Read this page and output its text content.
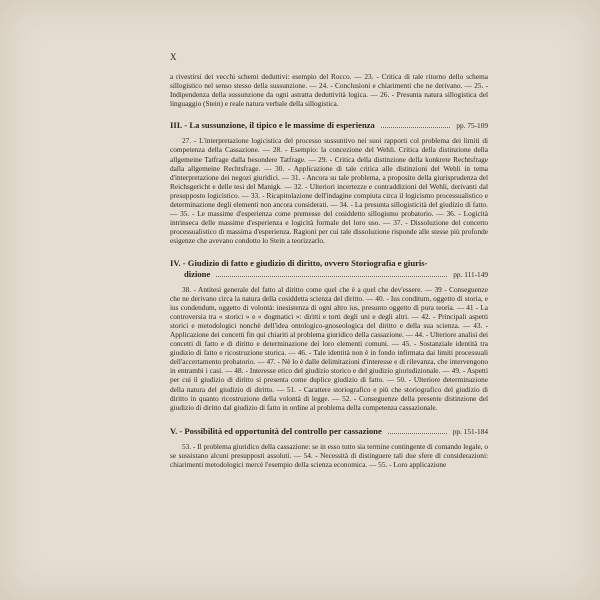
X

a rivestirsi dei vecchi schemi deduttivi: esempio del Rocco. — 23. - Critica di tale ritorno dello schema sillogistico nel senso stesso della sussunzione. — 24. - Conclusioni e chiarimenti che ne derivano. — 25. - Indipendenza della sussunzione da ogni astratta deduttività logica. — 26. - Presunta natura sillogistica del linguaggio (Stein) e reale natura verbale della sillogistica.

III. - La sussunzione, il tipico e le massime di esperienza	pp. 75-109

27. - L'interpretazione logicistica del processo sussuntivo nei suoi rapporti col problema dei limiti di competenza della Cassazione. — 28. - Esempio: la concezione del Wehli. Critica della distinzione della allgemeine Tatfrage dalla besondere Tatfrage. — 29. - Critica della distinzione della konkrete Rechtsfrage dalla allgemeine Rechtsfrage. — 30. - Applicazione di tale critica alle distinzioni del Wehli in tema d'interpretazione dei negozi giuridici. — 31. - Ancora su tale problema, a proposito della giurisprudenza del Reichsgericht e delle tesi del Manigk. — 32. - Ulteriori incertezze e contraddizioni del Wehli, derivanti dal presupposto logicistico. — 33. - Ricapitolazione dell'indagine compiuta circa il logicismo processualistico e determinazione degli elementi non ancora considerati. — 34. - La presunta sillogisticità del giudizio di fatto. — 35. - Le massime d'esperienza come premesse del cosiddetto sillogismo probatorio. — 36. - Logicità intrinseca delle massime d'esperienza e logicità formale del loro uso. — 37. - Dissoluzione del concetto processualistico di massima d'esperienza. Ragioni per cui tale dissoluzione risponde alle stesse più profonde esigenze che avevano condotto lo Stein a teorizzarlo.

IV. - Giudizio di fatto e giudizio di diritto, ovvero Storiografia e giuris-
dizione	pp. 111-149

38. - Antitesi generale del fatto al diritto come quel che è a quel che dev'essere. — 39 - Conseguenze che ne derivano circa la natura della cosiddetta scienza del diritto. — 40. - Ius conditum, oggetto di storia, e ius condendum, oggetto di volontà: inesistenza di ogni altro ius, presunto oggetto di pura teoria. — 41 - La controversia tra « storici » e « dogmatici »: diritti e torti degli uni e degli altri. — 42. - Principali aspetti storici e metodologici nonchè dell'idea ontologico-gnoseologica del diritto e della sua scienza. — 43. - Applicazione dei concetti fin qui chiariti al problema giuridico della cassazione. — 44. - Ulteriore analisi dei concetti di fatto e di diritto e determinazione dei loro elementi comuni. — 45. - Sostanziale identità tra giudizio di fatto e ricostruzione storica. — 46. - Tale identità non è in fondo infirmata dai limiti processuali dell'accertamento probatorio. — 47. - Nè lo è dalle delimitazioni d'interesse e di rilevanza, che intervengono in entrambi i casi. — 48. - Interesse etico del giudizio storico e del giudizio giurisdizionale. — 49. - Aspetti per cui il giudizio di diritto si presenta come duplice giudizio di fatto. — 50. - Ulteriore determinazione della natura del giudizio di diritto. — 51. - Carattere storiografico e più che storiografico del giudizio di diritto in quanto ricostruzione della volontà di legge. — 52. - Conseguenze della presente distinzione del giudizio di diritto dal giudizio di fatto in ordine al problema della competenza cassazionale.

V. - Possibilità ed opportunità del controllo per cassazione	pp. 151-184

53. - Il problema giuridico della cassazione: se in esso tutto sia termine contingente di comando legale, o se sussistano alcuni presupposti assoluti. — 54. - Necessità di distinguere tali due sfere di considerazioni: chiarimenti metodologici mercè l'esempio della scienza economica. — 55. - Loro applicazione
